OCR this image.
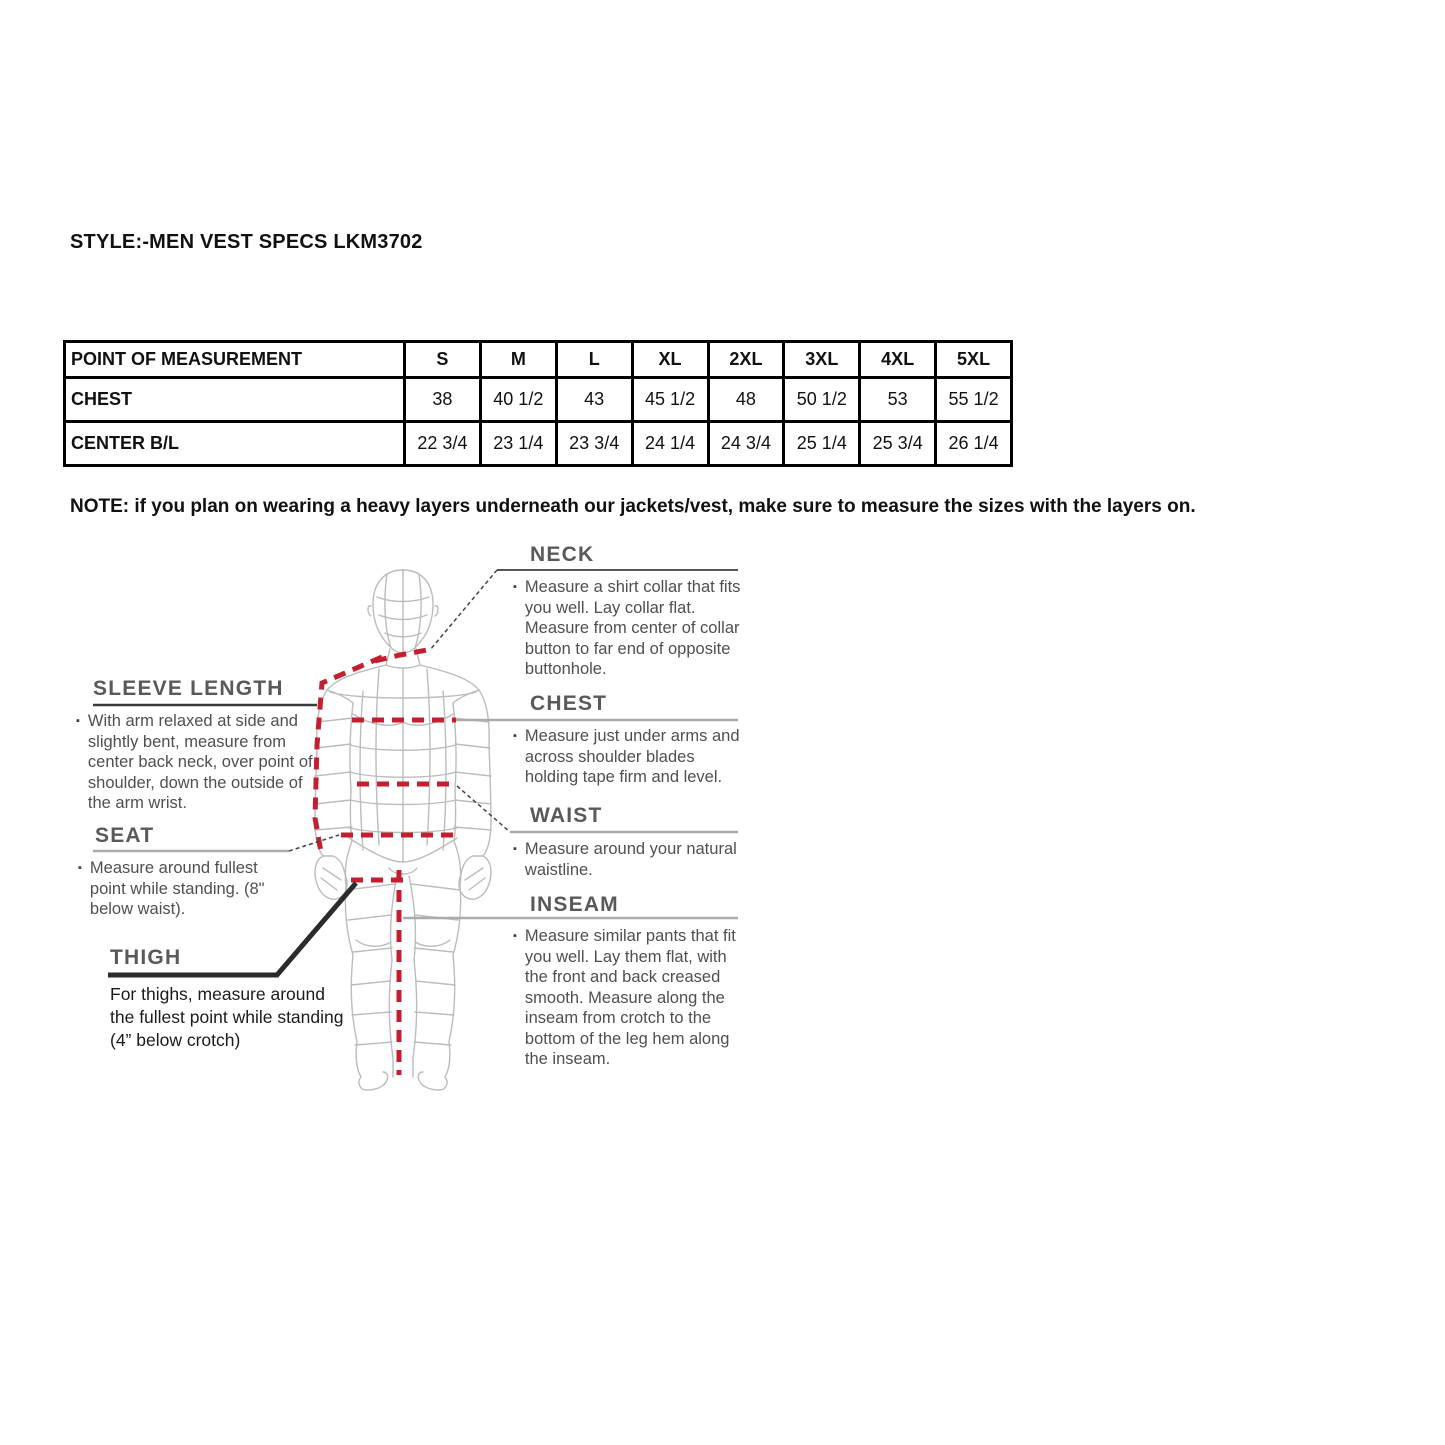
STYLE:-MEN VEST SPECS LKM3702
POINT OF MEASUREMENT	S	M	L	XL	2XL	3XL	4XL	5XL
CHEST	38	40 1/2	43	45 1/2	48	50 1/2	53	55 1/2
CENTER B/L	22 3/4	23 1/4	23 3/4	24 1/4	24 3/4	25 1/4	25 3/4	26 1/4
NOTE: if you plan on wearing a heavy layers underneath our jackets/vest, make sure to measure the sizes with the layers on.
NECK
▪ Measure a shirt collar that fits you well. Lay collar flat. Measure from center of collar button to far end of opposite buttonhole.
CHEST
▪ Measure just under arms and across shoulder blades holding tape firm and level.
WAIST
▪ Measure around your natural waistline.
INSEAM
▪ Measure similar pants that fit you well. Lay them flat, with the front and back creased smooth. Measure along the inseam from crotch to the bottom of the leg hem along the inseam.
SLEEVE LENGTH
▪ With arm relaxed at side and slightly bent, measure from center back neck, over point of shoulder, down the outside of the arm wrist.
SEAT
▪ Measure around fullest point while standing. (8" below waist).
THIGH
For thighs, measure around the fullest point while standing (4” below crotch)
